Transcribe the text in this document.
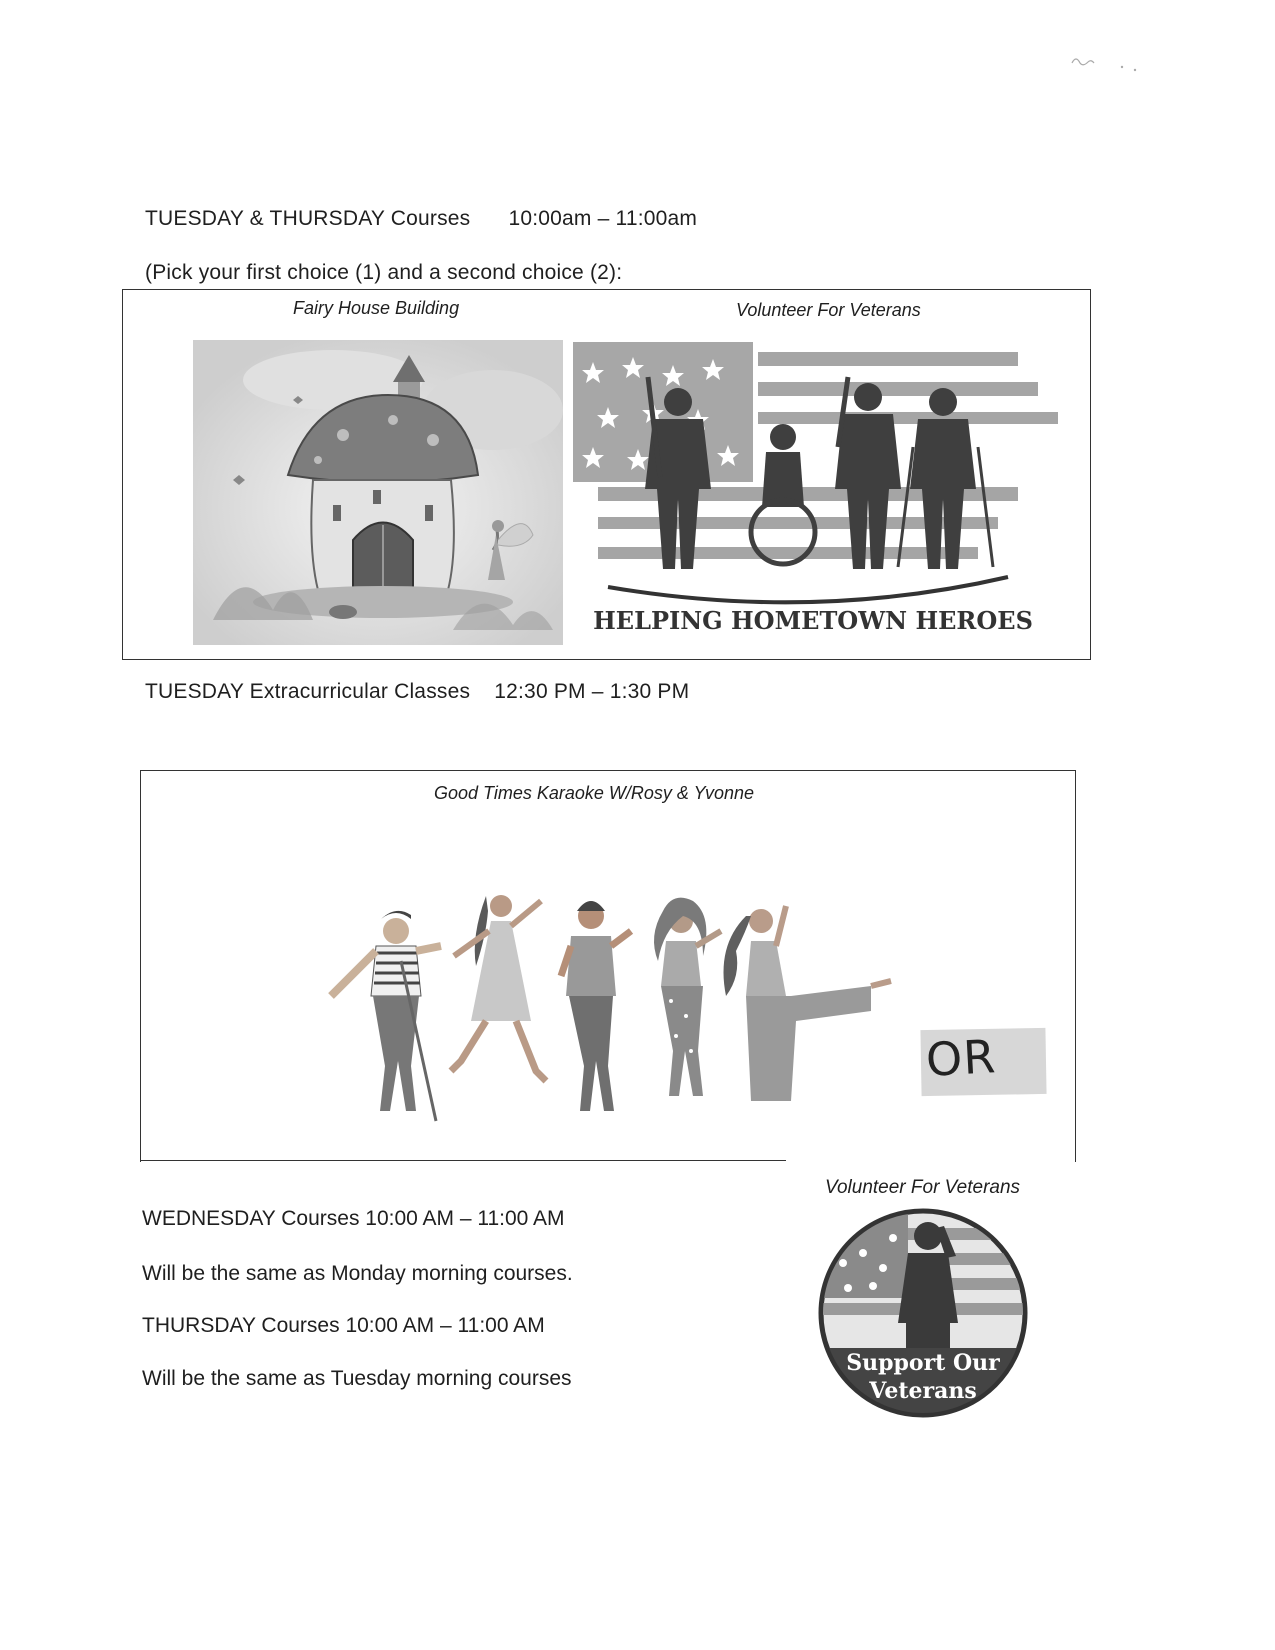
TUESDAY & THURSDAY Courses 10:00am – 11:00am
(Pick your first choice (1) and a second choice (2):
Fairy House Building	Volunteer For Veterans
HELPING HOMETOWN HEROES
TUESDAY Extracurricular Classes 12:30 PM – 1:30 PM
Good Times Karaoke W/Rosy & Yvonne
OR
Volunteer For Veterans
Support Our
Veterans
WEDNESDAY Courses 10:00 AM – 11:00 AM
Will be the same as Monday morning courses.
THURSDAY Courses 10:00 AM – 11:00 AM
Will be the same as Tuesday morning courses
